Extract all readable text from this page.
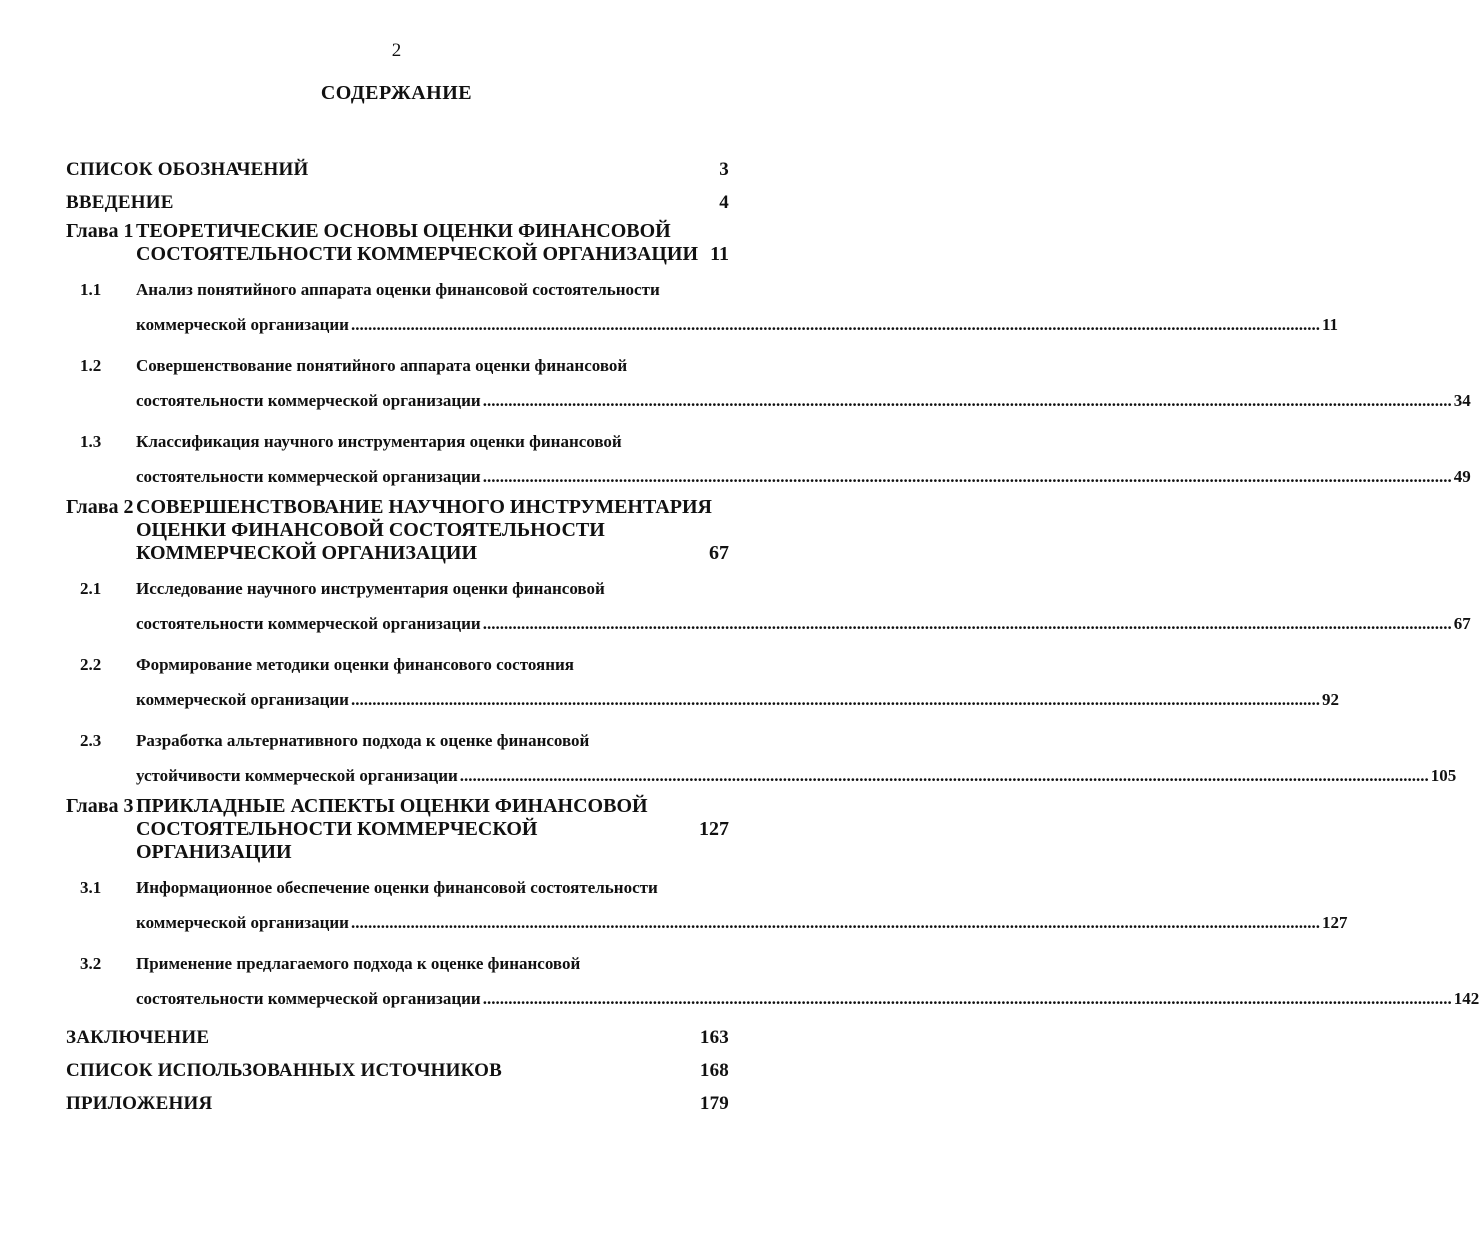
2
СОДЕРЖАНИЕ
СПИСОК ОБОЗНАЧЕНИЙ	3
ВВЕДЕНИЕ	4
Глава 1 ТЕОРЕТИЧЕСКИЕ ОСНОВЫ ОЦЕНКИ ФИНАНСОВОЙ
СОСТОЯТЕЛЬНОСТИ КОММЕРЧЕСКОЙ ОРГАНИЗАЦИИ 11
1.1	Анализ понятийного аппарата оценки финансовой состоятельности
коммерческой организации .....	11
1.2	Совершенствование понятийного аппарата оценки финансовой
состоятельности коммерческой организации .....	34
1.3	Классификация научного инструментария оценки финансовой
состоятельности коммерческой организации .....	49
Глава 2 СОВЕРШЕНСТВОВАНИЕ НАУЧНОГО ИНСТРУМЕНТАРИЯ
ОЦЕНКИ ФИНАНСОВОЙ СОСТОЯТЕЛЬНОСТИ
КОММЕРЧЕСКОЙ ОРГАНИЗАЦИИ	67
2.1	Исследование научного инструментария оценки финансовой
состоятельности коммерческой организации .....	67
2.2	Формирование методики оценки финансового состояния
коммерческой организации .....	92
2.3	Разработка альтернативного подхода к оценке финансовой
устойчивости коммерческой организации .....	105
Глава 3 ПРИКЛАДНЫЕ АСПЕКТЫ ОЦЕНКИ ФИНАНСОВОЙ
СОСТОЯТЕЛЬНОСТИ КОММЕРЧЕСКОЙ ОРГАНИЗАЦИИ
127
3.1	Информационное обеспечение оценки финансовой состоятельности
коммерческой организации .....	127
3.2	Применение предлагаемого подхода к оценке финансовой
состоятельности коммерческой организации .....	142
ЗАКЛЮЧЕНИЕ	163
СПИСОК ИСПОЛЬЗОВАННЫХ ИСТОЧНИКОВ	168
ПРИЛОЖЕНИЯ	179
